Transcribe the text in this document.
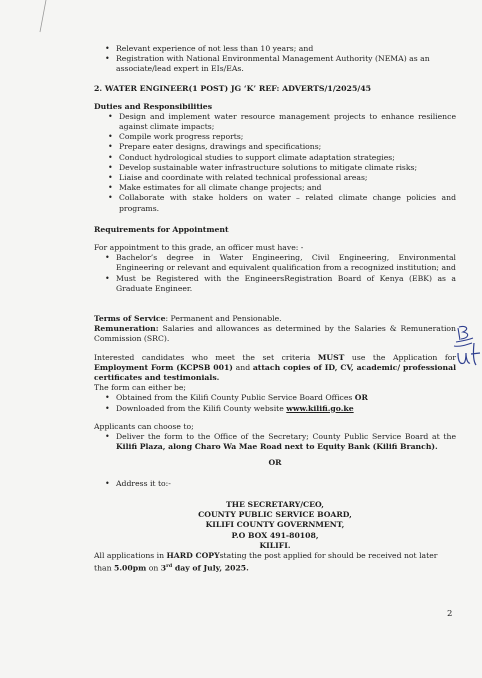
• Relevant experience of not less than 10 years; and
• Registration with National Environmental Management Authority (NEMA) as an associate/lead expert in EIs/EAs.
2. WATER ENGINEER(1 POST) JG ‘K’ REF: ADVERTS/1/2025/45

Duties and Responsibilities

• Design and implement water resource management projects to enhance resilience against climate impacts;
• Compile work progress reports;
• Prepare eater designs, drawings and specifications;
• Conduct hydrological studies to support climate adaptation strategies;
• Develop sustainable water infrastructure solutions to mitigate climate risks;
• Liaise and coordinate with related technical professional areas;
• Make estimates for all climate change projects; and
• Collaborate with stake holders on water – related climate change policies and programs.

Requirements for Appointment

For appointment to this grade, an officer must have: -

• Bachelor’s degree in Water Engineering, Civil Engineering, Environmental Engineering or relevant and equivalent qualification from a recognized institution; and
• Must be Registered with the EngineersRegistration Board of Kenya (EBK) as a Graduate Engineer.

Terms of Service: Permanent and Pensionable.

Remuneration: Salaries and allowances as determined by the Salaries & Remuneration Commission (SRC).

Interested candidates who meet the set criteria MUST use the Application for Employment Form (KCPSB 001) and attach copies of ID, CV, academic/ professional certificates and testimonials.

The form can either be;

• Obtained from the Kilifi County Public Service Board Offices OR
• Downloaded from the Kilifi County website www.kilifi.go.ke

Applicants can choose to;

• Deliver the form to the Office of the Secretary; County Public Service Board at the Kilifi Plaza, along Charo Wa Mae Road next to Equity Bank (Kilifi Branch).

OR

• Address it to:-

THE SECRETARY/CEO,

COUNTY PUBLIC SERVICE BOARD,

KILIFI COUNTY GOVERNMENT,

P.O BOX 491-80108,

KILIFI.

All applications in HARD COPYstating the post applied for should be received not later than 5.00pm on 3rd day of July, 2025.

2
